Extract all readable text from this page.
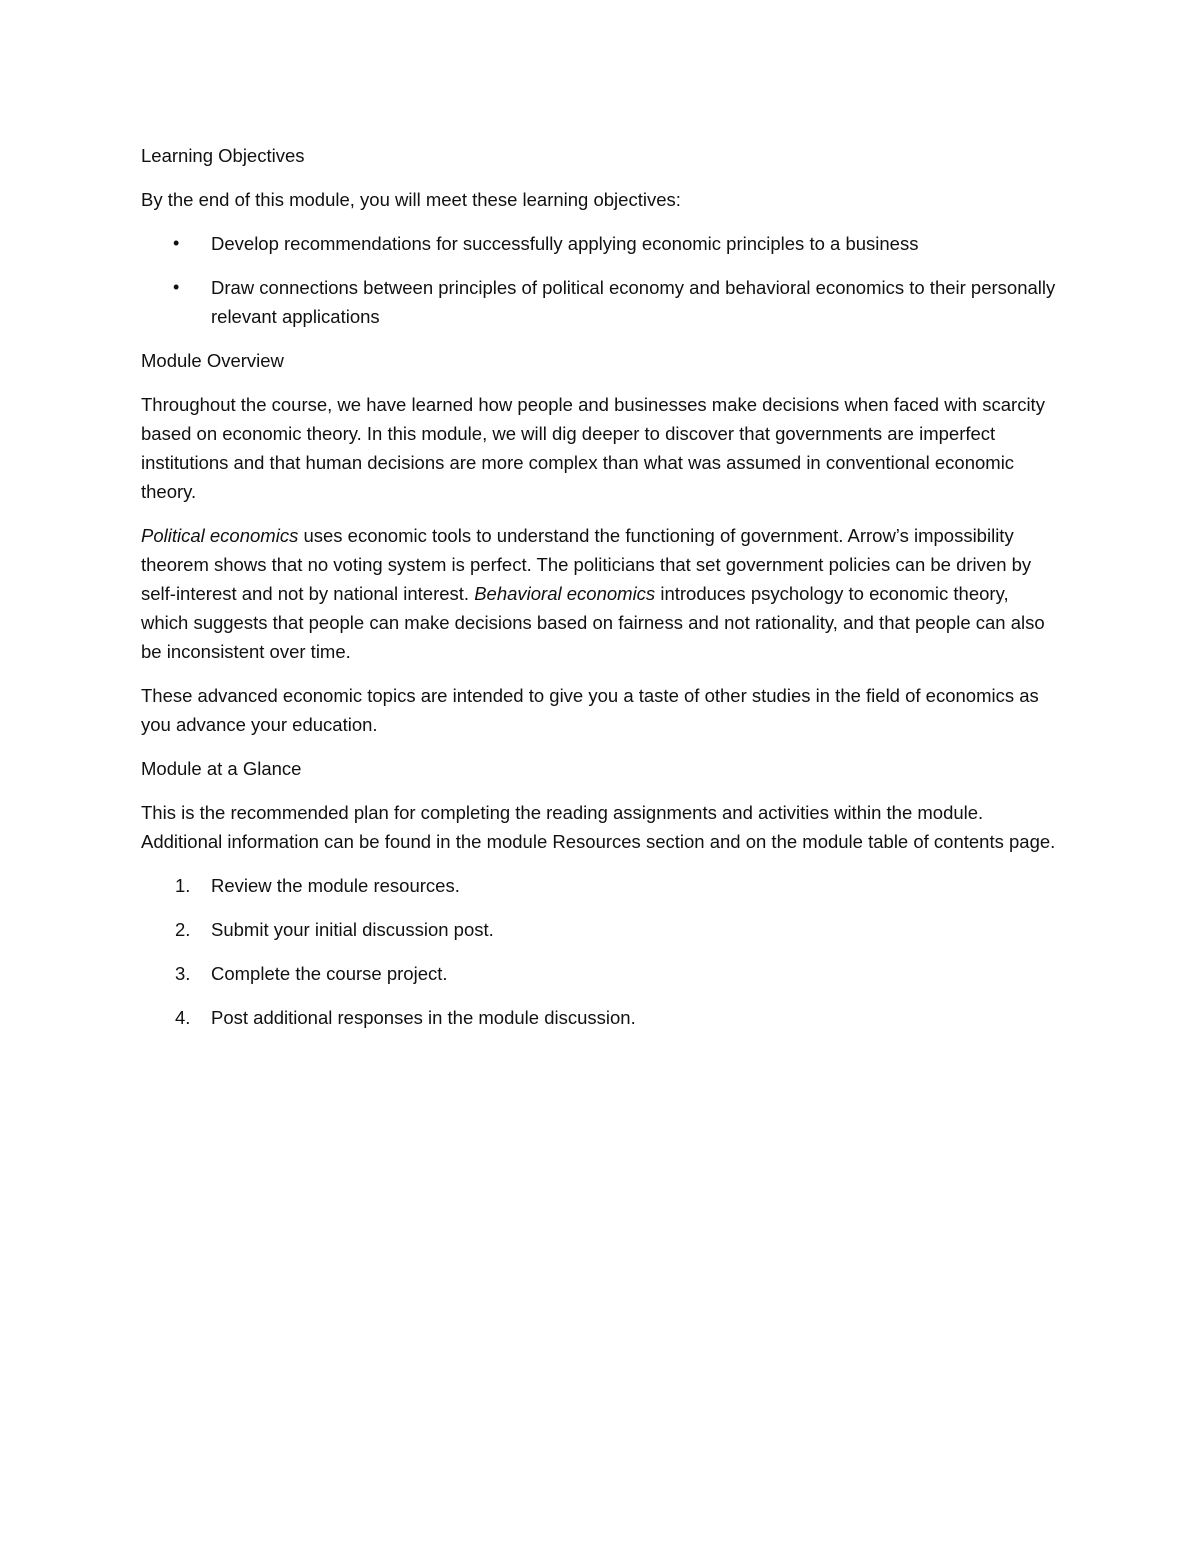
Learning Objectives

By the end of this module, you will meet these learning objectives:

• Develop recommendations for successfully applying economic principles to a business
• Draw connections between principles of political economy and behavioral economics to their personally relevant applications

Module Overview

Throughout the course, we have learned how people and businesses make decisions when faced with scarcity based on economic theory. In this module, we will dig deeper to discover that governments are imperfect institutions and that human decisions are more complex than what was assumed in conventional economic theory.

Political economics uses economic tools to understand the functioning of government. Arrow’s impossibility theorem shows that no voting system is perfect. The politicians that set government policies can be driven by self-interest and not by national interest. Behavioral economics introduces psychology to economic theory, which suggests that people can make decisions based on fairness and not rationality, and that people can also be inconsistent over time.

These advanced economic topics are intended to give you a taste of other studies in the field of economics as you advance your education.

Module at a Glance

This is the recommended plan for completing the reading assignments and activities within the module. Additional information can be found in the module Resources section and on the module table of contents page.

1. Review the module resources.
2. Submit your initial discussion post.
3. Complete the course project.
4. Post additional responses in the module discussion.
